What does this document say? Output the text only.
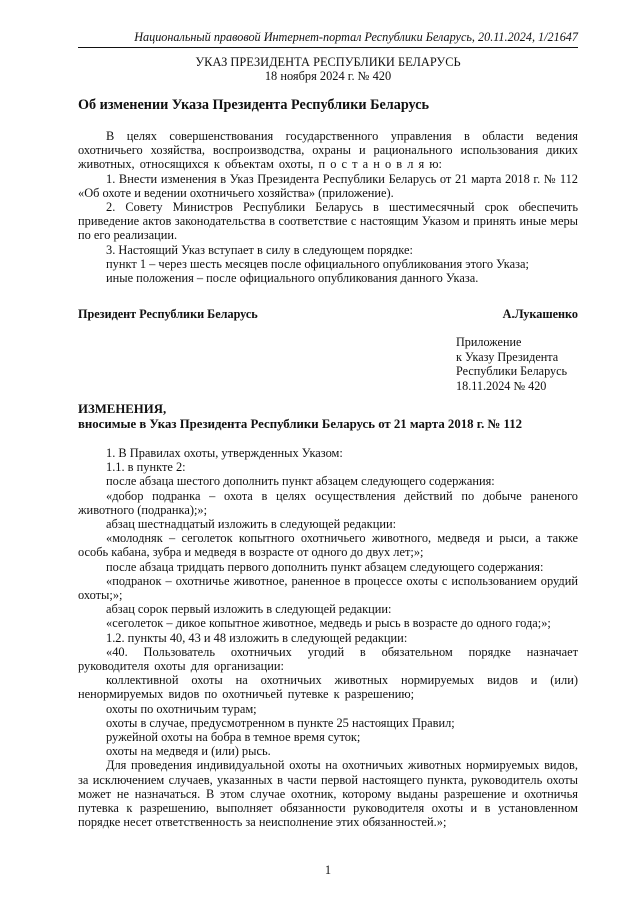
Национальный правовой Интернет-портал Республики Беларусь, 20.11.2024, 1/21647
УКАЗ ПРЕЗИДЕНТА РЕСПУБЛИКИ БЕЛАРУСЬ
18 ноября 2024 г. № 420
Об изменении Указа Президента Республики Беларусь

В целях совершенствования государственного управления в области ведения охотничьего хозяйства, воспроизводства, охраны и рационального использования диких животных, относящихся к объектам охоты, п о с т а н о в л я ю:

1. Внести изменения в Указ Президента Республики Беларусь от 21 марта 2018 г. № 112 «Об охоте и ведении охотничьего хозяйства» (приложение).

2. Совету Министров Республики Беларусь в шестимесячный срок обеспечить приведение актов законодательства в соответствие с настоящим Указом и принять иные меры по его реализации.

3. Настоящий Указ вступает в силу в следующем порядке:

пункт 1 – через шесть месяцев после официального опубликования этого Указа;

иные положения – после официального опубликования данного Указа.

Президент Республики Беларусь	А.Лукашенко
Приложение
к Указу Президента
Республики Беларусь
18.11.2024 № 420
ИЗМЕНЕНИЯ,
вносимые в Указ Президента Республики Беларусь от 21 марта 2018 г. № 112

1. В Правилах охоты, утвержденных Указом:

1.1. в пункте 2:

после абзаца шестого дополнить пункт абзацем следующего содержания:

«добор подранка – охота в целях осуществления действий по добыче раненого животного (подранка);»;

абзац шестнадцатый изложить в следующей редакции:

«молодняк – сеголеток копытного охотничьего животного, медведя и рыси, а также особь кабана, зубра и медведя в возрасте от одного до двух лет;»;

после абзаца тридцать первого дополнить пункт абзацем следующего содержания:

«подранок – охотничье животное, раненное в процессе охоты с использованием орудий охоты;»;

абзац сорок первый изложить в следующей редакции:

«сеголеток – дикое копытное животное, медведь и рысь в возрасте до одного года;»;

1.2. пункты 40, 43 и 48 изложить в следующей редакции:

«40. Пользователь охотничьих угодий в обязательном порядке назначает руководителя охоты для организации:

коллективной охоты на охотничьих животных нормируемых видов и (или) ненормируемых видов по охотничьей путевке к разрешению;

охоты по охотничьим турам;

охоты в случае, предусмотренном в пункте 25 настоящих Правил;

ружейной охоты на бобра в темное время суток;

охоты на медведя и (или) рысь.

Для проведения индивидуальной охоты на охотничьих животных нормируемых видов, за исключением случаев, указанных в части первой настоящего пункта, руководитель охоты может не назначаться. В этом случае охотник, которому выданы разрешение и охотничья путевка к разрешению, выполняет обязанности руководителя охоты и в установленном порядке несет ответственность за неисполнение этих обязанностей.»;

1
